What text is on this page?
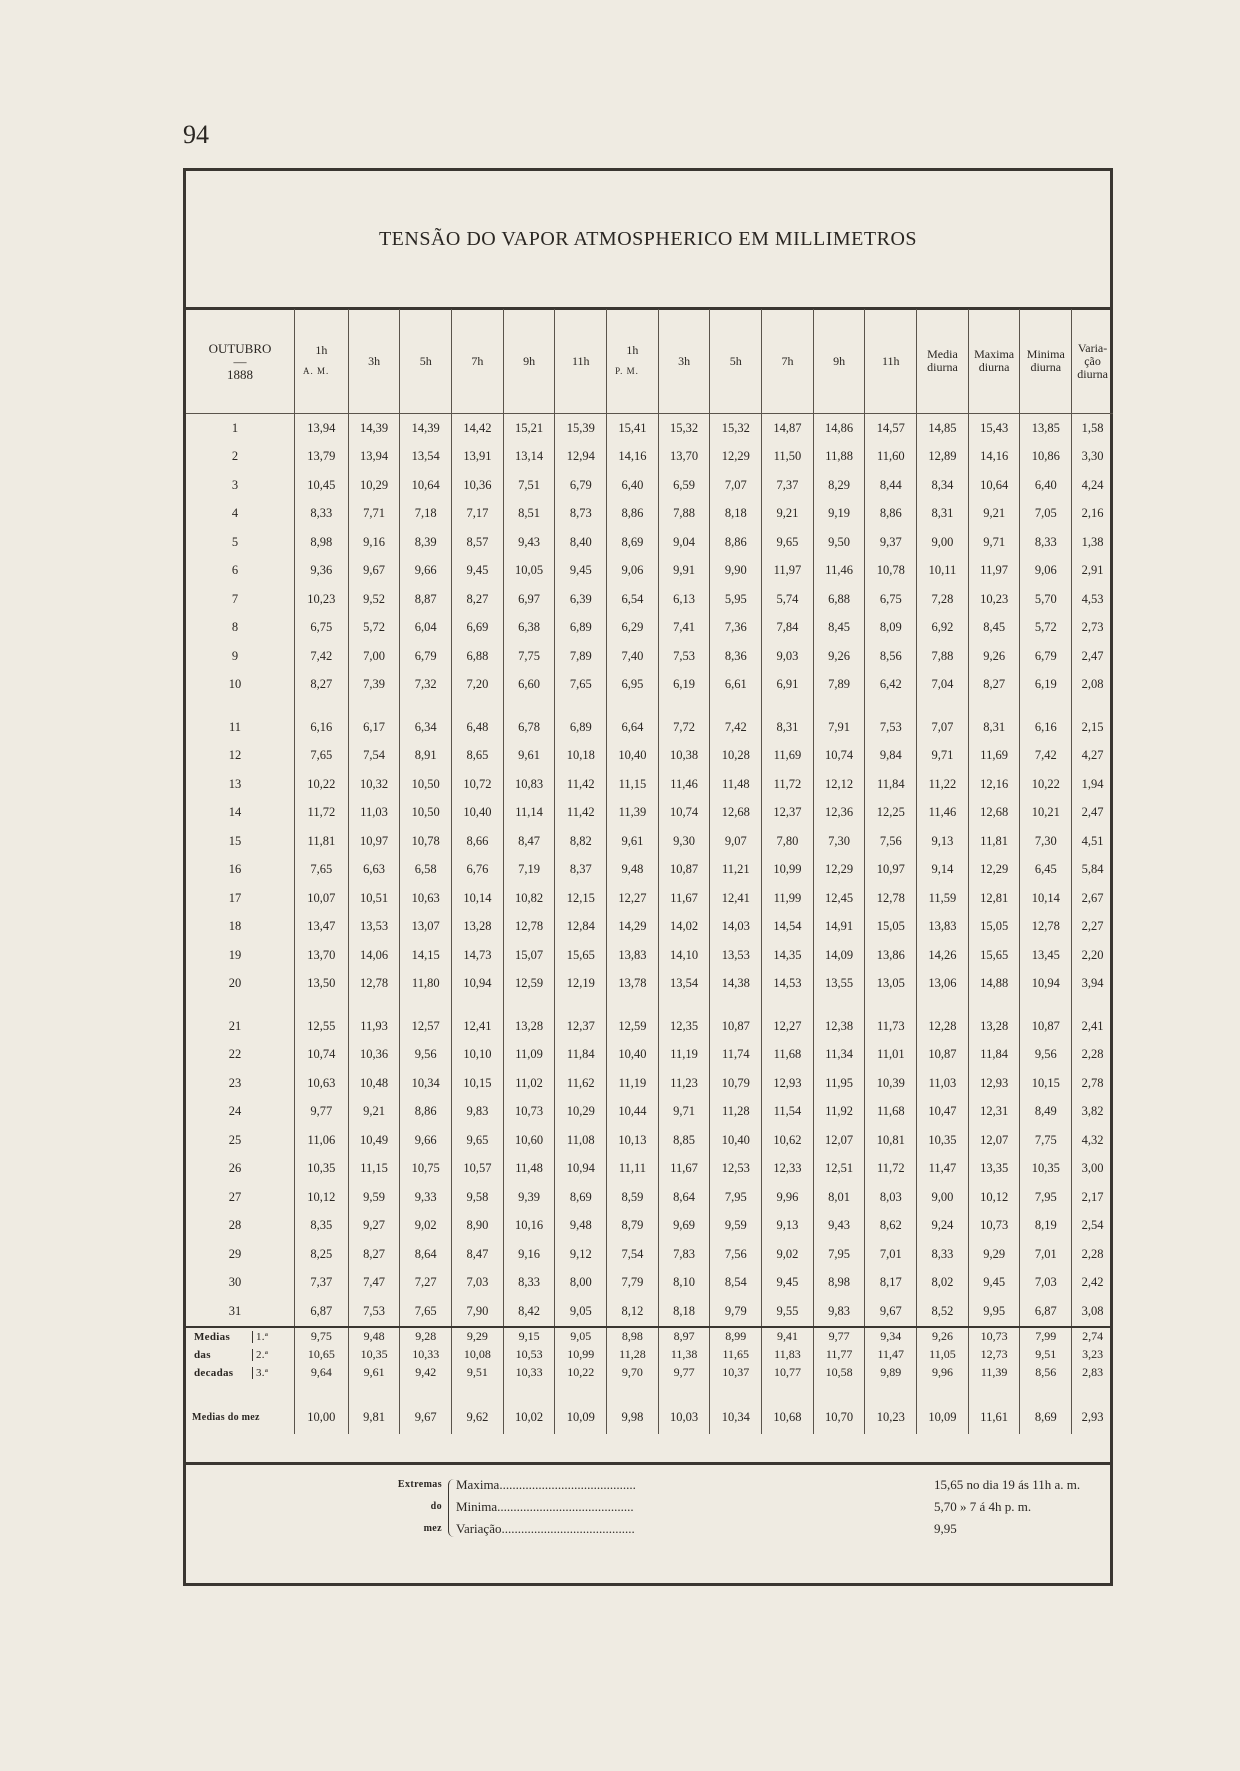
94
TENSÃO DO VAPOR ATMOSPHERICO EM MILLIMETROS
OUTUBRO
—
1888	1h
A. M.	3h	5h	7h	9h	11h	1h
P. M.	3h	5h	7h	9h	11h	Media diurna	Maxima diurna	Minima diurna	Varia-ção diurna
1	13,94	14,39	14,39	14,42	15,21	15,39	15,41	15,32	15,32	14,87	14,86	14,57	14,85	15,43	13,85	1,58
2	13,79	13,94	13,54	13,91	13,14	12,94	14,16	13,70	12,29	11,50	11,88	11,60	12,89	14,16	10,86	3,30
3	10,45	10,29	10,64	10,36	7,51	6,79	6,40	6,59	7,07	7,37	8,29	8,44	8,34	10,64	6,40	4,24
4	8,33	7,71	7,18	7,17	8,51	8,73	8,86	7,88	8,18	9,21	9,19	8,86	8,31	9,21	7,05	2,16
5	8,98	9,16	8,39	8,57	9,43	8,40	8,69	9,04	8,86	9,65	9,50	9,37	9,00	9,71	8,33	1,38
6	9,36	9,67	9,66	9,45	10,05	9,45	9,06	9,91	9,90	11,97	11,46	10,78	10,11	11,97	9,06	2,91
7	10,23	9,52	8,87	8,27	6,97	6,39	6,54	6,13	5,95	5,74	6,88	6,75	7,28	10,23	5,70	4,53
8	6,75	5,72	6,04	6,69	6,38	6,89	6,29	7,41	7,36	7,84	8,45	8,09	6,92	8,45	5,72	2,73
9	7,42	7,00	6,79	6,88	7,75	7,89	7,40	7,53	8,36	9,03	9,26	8,56	7,88	9,26	6,79	2,47
10	8,27	7,39	7,32	7,20	6,60	7,65	6,95	6,19	6,61	6,91	7,89	6,42	7,04	8,27	6,19	2,08

11	6,16	6,17	6,34	6,48	6,78	6,89	6,64	7,72	7,42	8,31	7,91	7,53	7,07	8,31	6,16	2,15
12	7,65	7,54	8,91	8,65	9,61	10,18	10,40	10,38	10,28	11,69	10,74	9,84	9,71	11,69	7,42	4,27
13	10,22	10,32	10,50	10,72	10,83	11,42	11,15	11,46	11,48	11,72	12,12	11,84	11,22	12,16	10,22	1,94
14	11,72	11,03	10,50	10,40	11,14	11,42	11,39	10,74	12,68	12,37	12,36	12,25	11,46	12,68	10,21	2,47
15	11,81	10,97	10,78	8,66	8,47	8,82	9,61	9,30	9,07	7,80	7,30	7,56	9,13	11,81	7,30	4,51
16	7,65	6,63	6,58	6,76	7,19	8,37	9,48	10,87	11,21	10,99	12,29	10,97	9,14	12,29	6,45	5,84
17	10,07	10,51	10,63	10,14	10,82	12,15	12,27	11,67	12,41	11,99	12,45	12,78	11,59	12,81	10,14	2,67
18	13,47	13,53	13,07	13,28	12,78	12,84	14,29	14,02	14,03	14,54	14,91	15,05	13,83	15,05	12,78	2,27
19	13,70	14,06	14,15	14,73	15,07	15,65	13,83	14,10	13,53	14,35	14,09	13,86	14,26	15,65	13,45	2,20
20	13,50	12,78	11,80	10,94	12,59	12,19	13,78	13,54	14,38	14,53	13,55	13,05	13,06	14,88	10,94	3,94

21	12,55	11,93	12,57	12,41	13,28	12,37	12,59	12,35	10,87	12,27	12,38	11,73	12,28	13,28	10,87	2,41
22	10,74	10,36	9,56	10,10	11,09	11,84	10,40	11,19	11,74	11,68	11,34	11,01	10,87	11,84	9,56	2,28
23	10,63	10,48	10,34	10,15	11,02	11,62	11,19	11,23	10,79	12,93	11,95	10,39	11,03	12,93	10,15	2,78
24	9,77	9,21	8,86	9,83	10,73	10,29	10,44	9,71	11,28	11,54	11,92	11,68	10,47	12,31	8,49	3,82
25	11,06	10,49	9,66	9,65	10,60	11,08	10,13	8,85	10,40	10,62	12,07	10,81	10,35	12,07	7,75	4,32
26	10,35	11,15	10,75	10,57	11,48	10,94	11,11	11,67	12,53	12,33	12,51	11,72	11,47	13,35	10,35	3,00
27	10,12	9,59	9,33	9,58	9,39	8,69	8,59	8,64	7,95	9,96	8,01	8,03	9,00	10,12	7,95	2,17
28	8,35	9,27	9,02	8,90	10,16	9,48	8,79	9,69	9,59	9,13	9,43	8,62	9,24	10,73	8,19	2,54
29	8,25	8,27	8,64	8,47	9,16	9,12	7,54	7,83	7,56	9,02	7,95	7,01	8,33	9,29	7,01	2,28
30	7,37	7,47	7,27	7,03	8,33	8,00	7,79	8,10	8,54	9,45	8,98	8,17	8,02	9,45	7,03	2,42
31	6,87	7,53	7,65	7,90	8,42	9,05	8,12	8,18	9,79	9,55	9,83	9,67	8,52	9,95	6,87	3,08
Medias 1.ª	9,75	9,48	9,28	9,29	9,15	9,05	8,98	8,97	8,99	9,41	9,77	9,34	9,26	10,73	7,99	2,74
das 2.ª	10,65	10,35	10,33	10,08	10,53	10,99	11,28	11,38	11,65	11,83	11,77	11,47	11,05	12,73	9,51	3,23
decadas 3.ª	9,64	9,61	9,42	9,51	10,33	10,22	9,70	9,77	10,37	10,77	10,58	9,89	9,96	11,39	8,56	2,83

Medias do mez	10,00	9,81	9,67	9,62	10,02	10,09	9,98	10,03	10,34	10,68	10,70	10,23	10,09	11,61	8,69	2,93
Extremas
do
mez
Maxima..........................................	15,65 no dia 19 ás 11h a. m.
Minima..........................................	5,70 » 7 á 4h p. m.
Variação.........................................	9,95
